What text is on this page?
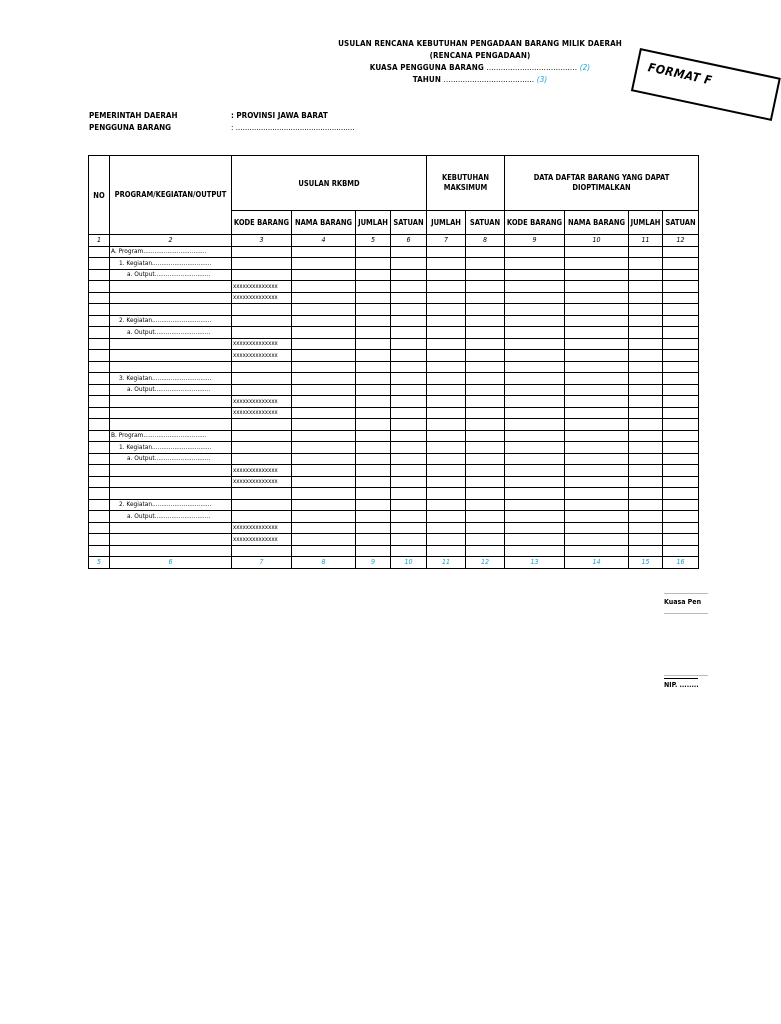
USULAN RENCANA KEBUTUHAN PENGADAAN BARANG MILIK DAERAH
(RENCANA PENGADAAN)
KUASA PENGGUNA BARANG ...................................... (2)
TAHUN ...................................... (3)	FORMAT F
PEMERINTAH DAERAH	: PROVINSI JAWA BARAT
PENGGUNA BARANG	: ....................................................
NO	PROGRAM/KEGIATAN/OUTPUT	USULAN RKBMD				KEBUTUHAN MAKSIMUM		DATA DAFTAR BARANG YANG DAPAT DIOPTIMALKAN			
		KODE BARANG	NAMA BARANG	JUMLAH	SATUAN	JUMLAH	SATUAN	KODE BARANG	NAMA BARANG	JUMLAH	SATUAN
1	2	3	4	5	6	7	8	9	10	11	12
	A. Program..................................										
	1. Kegiatan................................										
	a. Output..............................										
		xxxxxxxxxxxxxx									
		xxxxxxxxxxxxxx									

	2. Kegiatan................................										
	a. Output..............................										
		xxxxxxxxxxxxxx									
		xxxxxxxxxxxxxx									

	3. Kegiatan................................										
	a. Output..............................										
		xxxxxxxxxxxxxx									
		xxxxxxxxxxxxxx									

	B. Program..................................										
	1. Kegiatan................................										
	a. Output..............................										
		xxxxxxxxxxxxxx									
		xxxxxxxxxxxxxx									

	2. Kegiatan................................										
	a. Output..............................										
		xxxxxxxxxxxxxx									
		xxxxxxxxxxxxxx									

5	6	7	8	9	10	11	12	13	14	15	16
......................
Kuasa Pen
......................
......................
NIP. ........
